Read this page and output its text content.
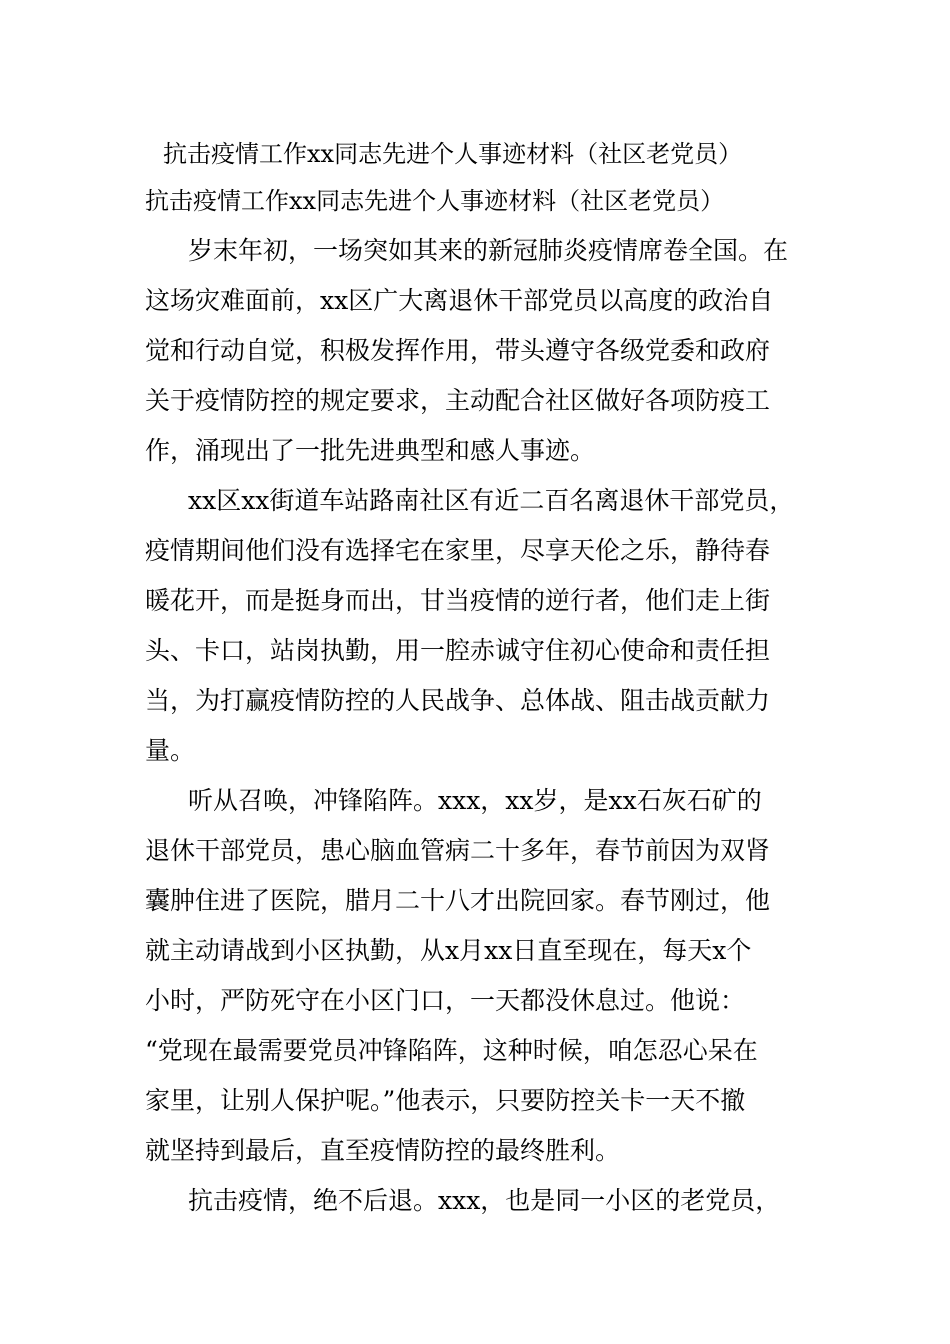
抗击疫情工作xx同志先进个人事迹材料（社区老党员）
抗击疫情工作xx同志先进个人事迹材料（社区老党员）
岁末年初，一场突如其来的新冠肺炎疫情席卷全国。在
这场灾难面前，xx区广大离退休干部党员以高度的政治自
觉和行动自觉，积极发挥作用，带头遵守各级党委和政府
关于疫情防控的规定要求，主动配合社区做好各项防疫工
作，涌现出了一批先进典型和感人事迹。
xx区xx街道车站路南社区有近二百名离退休干部党员，
疫情期间他们没有选择宅在家里，尽享天伦之乐，静待春
暖花开，而是挺身而出，甘当疫情的逆行者，他们走上街
头、卡口，站岗执勤，用一腔赤诚守住初心使命和责任担
当，为打赢疫情防控的人民战争、总体战、阻击战贡献力
量。
听从召唤，冲锋陷阵。xxx，xx岁，是xx石灰石矿的
退休干部党员，患心脑血管病二十多年，春节前因为双肾
囊肿住进了医院，腊月二十八才出院回家。春节刚过，他
就主动请战到小区执勤，从x月xx日直至现在，每天x个
小时，严防死守在小区门口，一天都没休息过。他说：
“党现在最需要党员冲锋陷阵，这种时候，咱怎忍心呆在
家里，让别人保护呢。”他表示，只要防控关卡一天不撤
就坚持到最后，直至疫情防控的最终胜利。
抗击疫情，绝不后退。xxx，也是同一小区的老党员，
